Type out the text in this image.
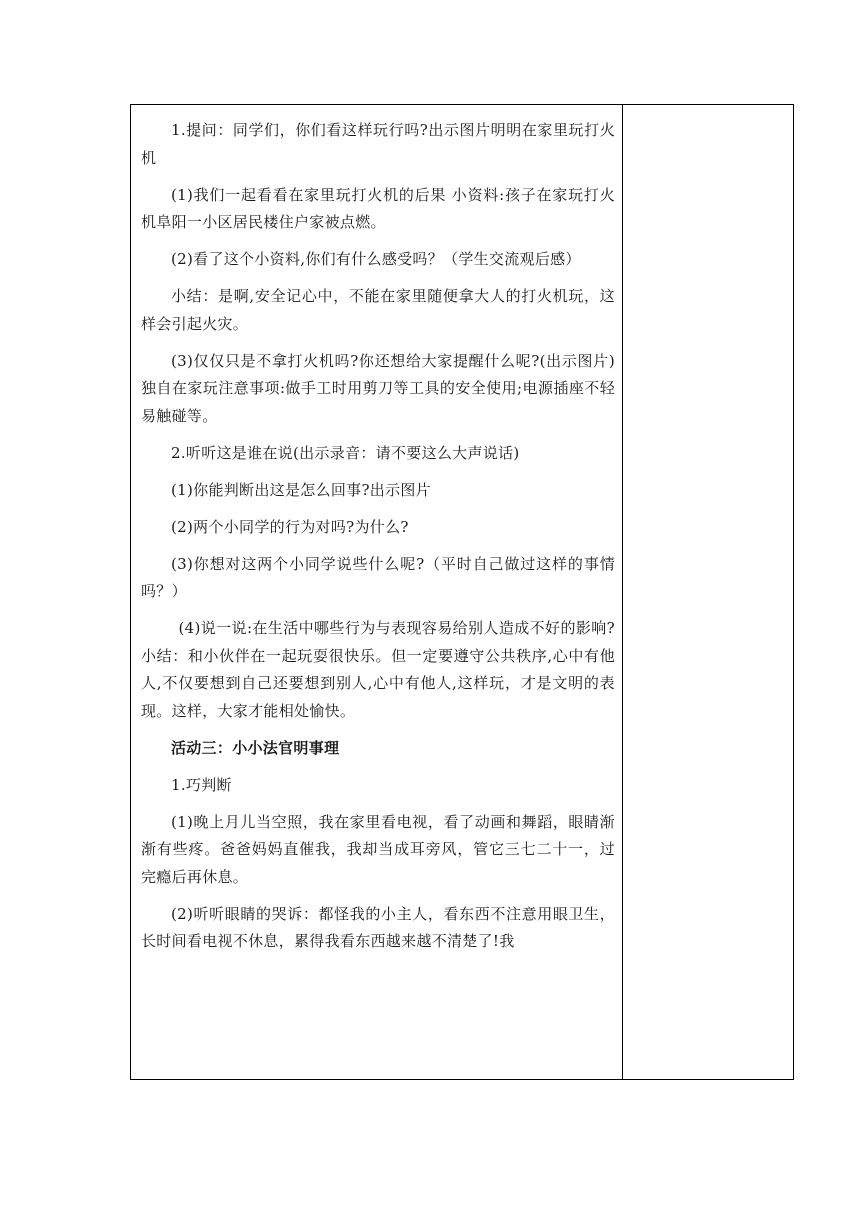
1.提问：同学们，你们看这样玩行吗?出示图片明明在家里玩打火机

(1)我们一起看看在家里玩打火机的后果 小资料:孩子在家玩打火机阜阳一小区居民楼住户家被点燃。

(2)看了这个小资料,你们有什么感受吗？（学生交流观后感）

小结：是啊,安全记心中，不能在家里随便拿大人的打火机玩，这样会引起火灾。

(3)仅仅只是不拿打火机吗?你还想给大家提醒什么呢?(出示图片) 独自在家玩注意事项:做手工时用剪刀等工具的安全使用;电源插座不轻易触碰等。

2.听听这是谁在说(出示录音：请不要这么大声说话)

(1)你能判断出这是怎么回事?出示图片

(2)两个小同学的行为对吗?为什么?

(3)你想对这两个小同学说些什么呢?（平时自己做过这样的事情吗？）

(4)说一说:在生活中哪些行为与表现容易给别人造成不好的影响? 小结：和小伙伴在一起玩耍很快乐。但一定要遵守公共秩序,心中有他人,不仅要想到自己还要想到别人,心中有他人,这样玩，才是文明的表现。这样，大家才能相处愉快。

活动三：小小法官明事理

1.巧判断

(1)晚上月儿当空照，我在家里看电视，看了动画和舞蹈，眼睛渐渐有些疼。爸爸妈妈直催我，我却当成耳旁风，管它三七二十一，过完瘾后再休息。

(2)听听眼睛的哭诉：都怪我的小主人，看东西不注意用眼卫生，长时间看电视不休息，累得我看东西越来越不清楚了!我
